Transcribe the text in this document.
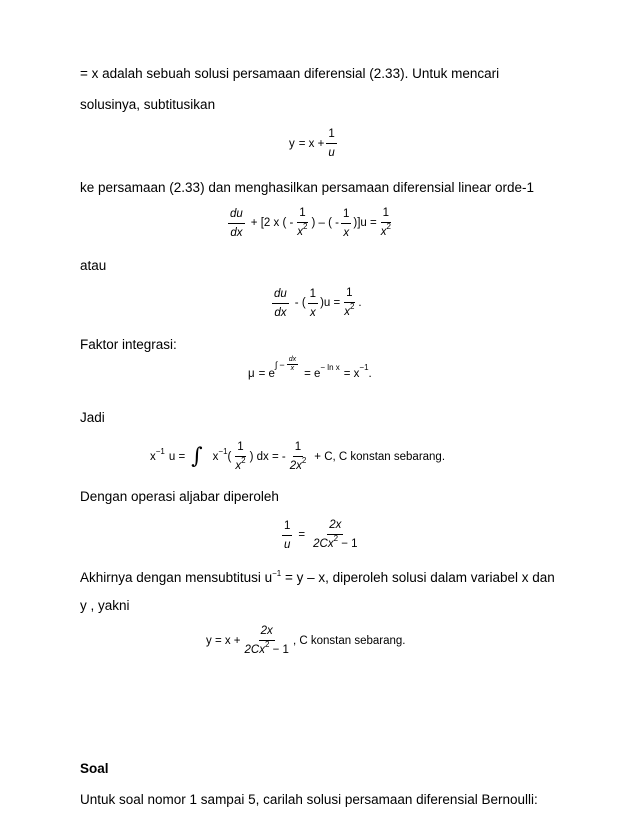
= x adalah sebuah solusi persamaan diferensial (2.33). Untuk mencari
solusinya, subtitusikan
$y = x + \frac{1}{u}$
ke persamaan (2.33) dan menghasilkan persamaan diferensial linear orde-1
$\frac{du}{dx} + [2$ x ( - $\frac{1}{x^2}$ ) – ( - $\frac{1}{x} )]u = \frac{1}{x^2}$
atau
$\frac{du}{dx}$ - ( $\frac{1}{x} )u = \frac{1}{x^2}$ .
Faktor integrasi:
μ = e
∫ − $\frac{dx}{x}$
= e − ln x = x −1 .
Jadi
x −1 u = ∫ x −1 ( $\frac{1}{x^2}$ ) dx = - $\frac{1}{2x^2} + C$, C konstan sebarang.
Dengan operasi aljabar diperoleh
$\frac{1}{u} = \frac{2x}{2Cx^2 - 1}$
Akhirnya dengan mensubtitusi $u^{-1} = y - x$, diperoleh solusi dalam variabel x dan
y , yakni
$y = x + \frac{2x}{2Cx^2 - 1}$ , C konstan sebarang.
Soal
Untuk soal nomor 1 sampai 5, carilah solusi persamaan diferensial Bernoulli:
